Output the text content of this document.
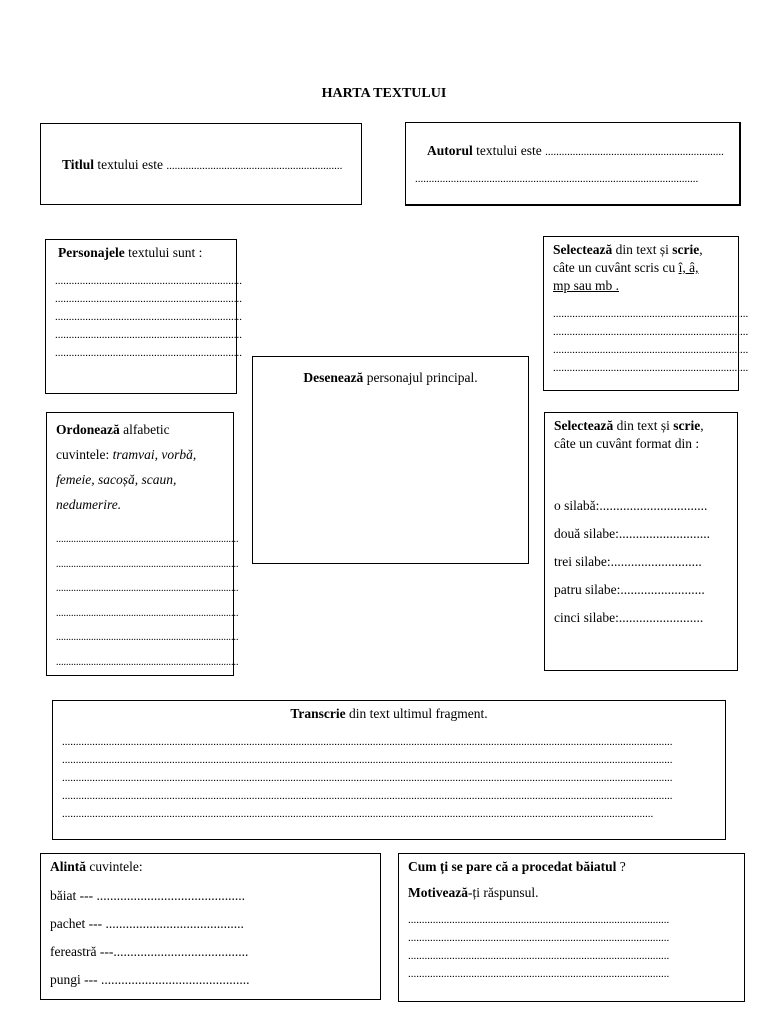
HARTA TEXTULUI
Titlul textului este ................................................................
Autorul textului este .................................................................
.......................................................................................................
Personajele textului sunt :
....................................................................
....................................................................
....................................................................
....................................................................
....................................................................
Selectează din text și scrie,
câte un cuvânt scris cu î, â,
mp sau mb .
.......................................................................
.......................................................................
.......................................................................
.......................................................................
Desenează personajul principal.
Ordonează alfabetic
cuvintele: tramvai, vorbă,
femeie, sacoșă, scaun,
nedumerire.
.........................................................................
.........................................................................
.........................................................................
.........................................................................
.........................................................................
.........................................................................
Selectează din text și scrie,
câte un cuvânt format din :
o silabă:................................
două silabe:...........................
trei silabe:...........................
patru silabe:.........................
cinci silabe:.........................
Transcrie din text ultimul fragment.
..............................................................................................................................................................................................................................
..............................................................................................................................................................................................................................
..............................................................................................................................................................................................................................
..............................................................................................................................................................................................................................
.......................................................................................................................................................................................................................
Alintă cuvintele:
băiat --- ............................................
pachet --- .........................................
fereastră ---........................................
pungi --- ............................................
Cum ți se pare că a procedat băiatul ?
Motivează-ți răspunsul.
...............................................................................................
...............................................................................................
...............................................................................................
...............................................................................................
